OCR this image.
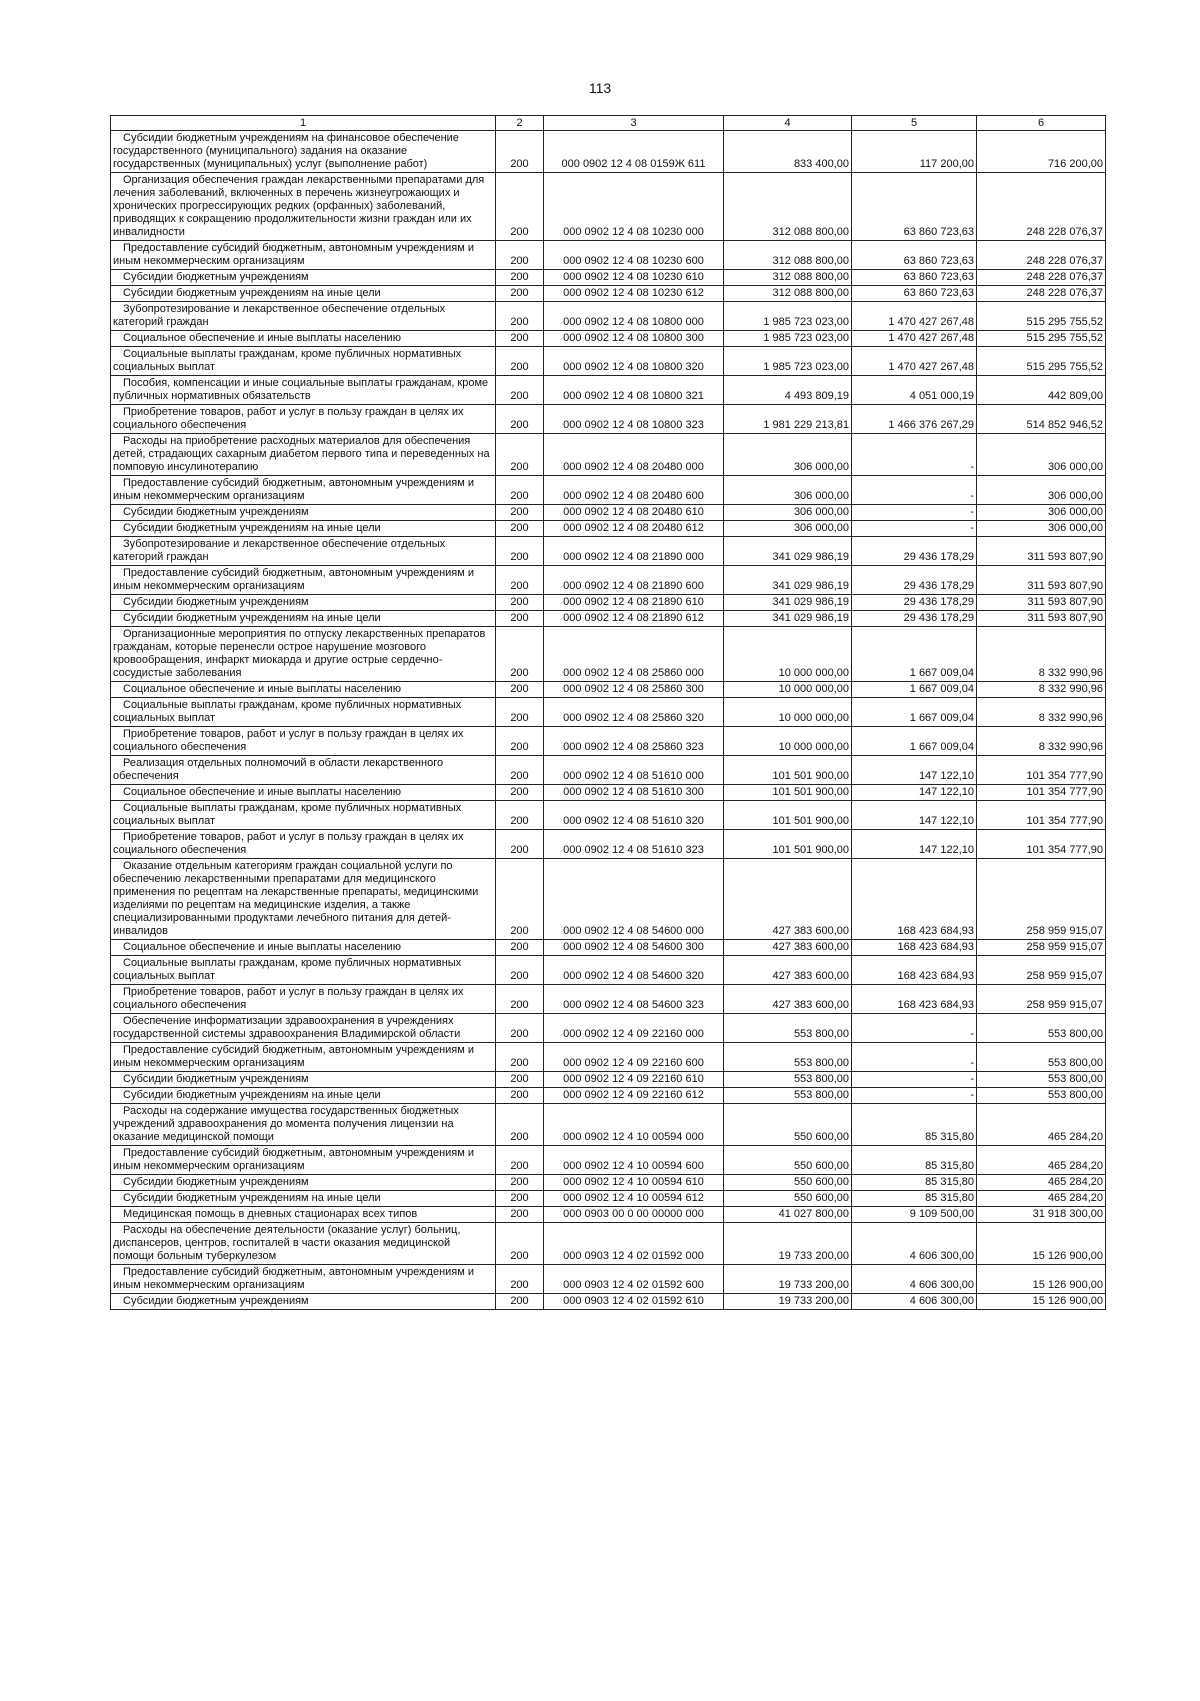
113
1	2	3	4	5	6
Субсидии бюджетным учреждениям на финансовое обеспечение государственного (муниципального) задания на оказание государственных (муниципальных) услуг (выполнение работ)	200	000 0902 12 4 08 0159Ж 611	833 400,00	117 200,00	716 200,00
Организация обеспечения граждан лекарственными препаратами для лечения заболеваний, включенных в перечень жизнеугрожающих и хронических прогрессирующих редких (орфанных) заболеваний, приводящих к сокращению продолжительности жизни граждан или их инвалидности	200	000 0902 12 4 08 10230 000	312 088 800,00	63 860 723,63	248 228 076,37
Предоставление субсидий бюджетным, автономным учреждениям и иным некоммерческим организациям	200	000 0902 12 4 08 10230 600	312 088 800,00	63 860 723,63	248 228 076,37
Субсидии бюджетным учреждениям	200	000 0902 12 4 08 10230 610	312 088 800,00	63 860 723,63	248 228 076,37
Субсидии бюджетным учреждениям на иные цели	200	000 0902 12 4 08 10230 612	312 088 800,00	63 860 723,63	248 228 076,37
Зубопротезирование и лекарственное обеспечение отдельных категорий граждан	200	000 0902 12 4 08 10800 000	1 985 723 023,00	1 470 427 267,48	515 295 755,52
Социальное обеспечение и иные выплаты населению	200	000 0902 12 4 08 10800 300	1 985 723 023,00	1 470 427 267,48	515 295 755,52
Социальные выплаты гражданам, кроме публичных нормативных социальных выплат	200	000 0902 12 4 08 10800 320	1 985 723 023,00	1 470 427 267,48	515 295 755,52
Пособия, компенсации и иные социальные выплаты гражданам, кроме публичных нормативных обязательств	200	000 0902 12 4 08 10800 321	4 493 809,19	4 051 000,19	442 809,00
Приобретение товаров, работ и услуг в пользу граждан в целях их социального обеспечения	200	000 0902 12 4 08 10800 323	1 981 229 213,81	1 466 376 267,29	514 852 946,52
Расходы на приобретение расходных материалов для обеспечения детей, страдающих сахарным диабетом первого типа и переведенных на помповую инсулинотерапию	200	000 0902 12 4 08 20480 000	306 000,00	-	306 000,00
Предоставление субсидий бюджетным, автономным учреждениям и иным некоммерческим организациям	200	000 0902 12 4 08 20480 600	306 000,00	-	306 000,00
Субсидии бюджетным учреждениям	200	000 0902 12 4 08 20480 610	306 000,00	-	306 000,00
Субсидии бюджетным учреждениям на иные цели	200	000 0902 12 4 08 20480 612	306 000,00	-	306 000,00
Зубопротезирование и лекарственное обеспечение отдельных категорий граждан	200	000 0902 12 4 08 21890 000	341 029 986,19	29 436 178,29	311 593 807,90
Предоставление субсидий бюджетным, автономным учреждениям и иным некоммерческим организациям	200	000 0902 12 4 08 21890 600	341 029 986,19	29 436 178,29	311 593 807,90
Субсидии бюджетным учреждениям	200	000 0902 12 4 08 21890 610	341 029 986,19	29 436 178,29	311 593 807,90
Субсидии бюджетным учреждениям на иные цели	200	000 0902 12 4 08 21890 612	341 029 986,19	29 436 178,29	311 593 807,90
Организационные мероприятия по отпуску лекарственных препаратов гражданам, которые перенесли острое нарушение мозгового кровообращения, инфаркт миокарда и другие острые сердечно-сосудистые заболевания	200	000 0902 12 4 08 25860 000	10 000 000,00	1 667 009,04	8 332 990,96
Социальное обеспечение и иные выплаты населению	200	000 0902 12 4 08 25860 300	10 000 000,00	1 667 009,04	8 332 990,96
Социальные выплаты гражданам, кроме публичных нормативных социальных выплат	200	000 0902 12 4 08 25860 320	10 000 000,00	1 667 009,04	8 332 990,96
Приобретение товаров, работ и услуг в пользу граждан в целях их социального обеспечения	200	000 0902 12 4 08 25860 323	10 000 000,00	1 667 009,04	8 332 990,96
Реализация отдельных полномочий в области лекарственного обеспечения	200	000 0902 12 4 08 51610 000	101 501 900,00	147 122,10	101 354 777,90
Социальное обеспечение и иные выплаты населению	200	000 0902 12 4 08 51610 300	101 501 900,00	147 122,10	101 354 777,90
Социальные выплаты гражданам, кроме публичных нормативных социальных выплат	200	000 0902 12 4 08 51610 320	101 501 900,00	147 122,10	101 354 777,90
Приобретение товаров, работ и услуг в пользу граждан в целях их социального обеспечения	200	000 0902 12 4 08 51610 323	101 501 900,00	147 122,10	101 354 777,90
Оказание отдельным категориям граждан социальной услуги по обеспечению лекарственными препаратами для медицинского применения по рецептам на лекарственные препараты, медицинскими изделиями по рецептам на медицинские изделия, а также специализированными продуктами лечебного питания для детей-инвалидов	200	000 0902 12 4 08 54600 000	427 383 600,00	168 423 684,93	258 959 915,07
Социальное обеспечение и иные выплаты населению	200	000 0902 12 4 08 54600 300	427 383 600,00	168 423 684,93	258 959 915,07
Социальные выплаты гражданам, кроме публичных нормативных социальных выплат	200	000 0902 12 4 08 54600 320	427 383 600,00	168 423 684,93	258 959 915,07
Приобретение товаров, работ и услуг в пользу граждан в целях их социального обеспечения	200	000 0902 12 4 08 54600 323	427 383 600,00	168 423 684,93	258 959 915,07
Обеспечение информатизации здравоохранения в учреждениях государственной системы здравоохранения Владимирской области	200	000 0902 12 4 09 22160 000	553 800,00	-	553 800,00
Предоставление субсидий бюджетным, автономным учреждениям и иным некоммерческим организациям	200	000 0902 12 4 09 22160 600	553 800,00	-	553 800,00
Субсидии бюджетным учреждениям	200	000 0902 12 4 09 22160 610	553 800,00	-	553 800,00
Субсидии бюджетным учреждениям на иные цели	200	000 0902 12 4 09 22160 612	553 800,00	-	553 800,00
Расходы на содержание имущества государственных бюджетных учреждений здравоохранения до момента получения лицензии на оказание медицинской помощи	200	000 0902 12 4 10 00594 000	550 600,00	85 315,80	465 284,20
Предоставление субсидий бюджетным, автономным учреждениям и иным некоммерческим организациям	200	000 0902 12 4 10 00594 600	550 600,00	85 315,80	465 284,20
Субсидии бюджетным учреждениям	200	000 0902 12 4 10 00594 610	550 600,00	85 315,80	465 284,20
Субсидии бюджетным учреждениям на иные цели	200	000 0902 12 4 10 00594 612	550 600,00	85 315,80	465 284,20
Медицинская помощь в дневных стационарах всех типов	200	000 0903 00 0 00 00000 000	41 027 800,00	9 109 500,00	31 918 300,00
Расходы на обеспечение деятельности (оказание услуг) больниц, диспансеров, центров, госпиталей в части оказания медицинской помощи больным туберкулезом	200	000 0903 12 4 02 01592 000	19 733 200,00	4 606 300,00	15 126 900,00
Предоставление субсидий бюджетным, автономным учреждениям и иным некоммерческим организациям	200	000 0903 12 4 02 01592 600	19 733 200,00	4 606 300,00	15 126 900,00
Субсидии бюджетным учреждениям	200	000 0903 12 4 02 01592 610	19 733 200,00	4 606 300,00	15 126 900,00
